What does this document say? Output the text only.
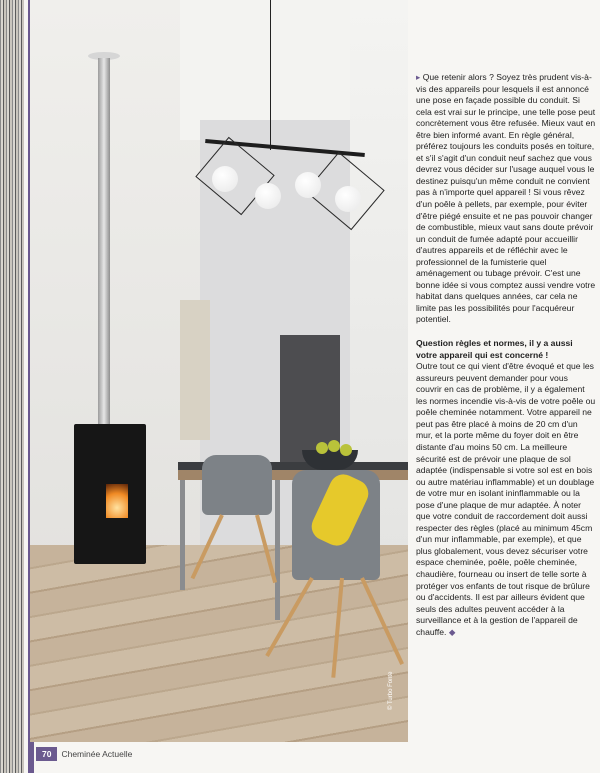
© Turbo Fonte

▸ Que retenir alors ? Soyez très prudent vis-à-vis des appareils pour lesquels il est annoncé une pose en façade possible du conduit. Si cela est vrai sur le principe, une telle pose peut concrètement vous être refusée. Mieux vaut en être bien informé avant. En règle général, préférez toujours les conduits posés en toiture, et s'il s'agit d'un conduit neuf sachez que vous devrez vous décider sur l'usage auquel vous le destinez puisqu'un même conduit ne convient pas à n'importe quel appareil ! Si vous rêvez d'un poêle à pellets, par exemple, pour éviter d'être piégé ensuite et ne pas pouvoir changer de combustible, mieux vaut sans doute prévoir un conduit de fumée adapté pour accueillir d'autres appareils et de réfléchir avec le professionnel de la fumisterie quel aménagement ou tubage prévoir. C'est une bonne idée si vous comptez aussi vendre votre habitat dans quelques années, car cela ne limite pas les possibilités pour l'acquéreur potentiel.

Question règles et normes, il y a aussi votre appareil qui est concerné !

Outre tout ce qui vient d'être évoqué et que les assureurs peuvent demander pour vous couvrir en cas de problème, il y a également les normes incendie vis-à-vis de votre poêle ou poêle cheminée notamment. Votre appareil ne peut pas être placé à moins de 20 cm d'un mur, et la porte même du foyer doit en être distante d'au moins 50 cm. La meilleure sécurité est de prévoir une plaque de sol adaptée (indispensable si votre sol est en bois ou autre matériau inflammable) et un doublage de votre mur en isolant ininflammable ou la pose d'une plaque de mur adaptée. À noter que votre conduit de raccordement doit aussi respecter des règles (placé au minimum 45cm d'un mur inflammable, par exemple), et que plus globalement, vous devez sécuriser votre espace cheminée, poêle, poêle cheminée, chaudière, fourneau ou insert de telle sorte à protéger vos enfants de tout risque de brûlure ou d'accidents. Il est par ailleurs évident que seuls des adultes peuvent accéder à la surveillance et à la gestion de l'appareil de chauffe. ◆

70 Cheminée Actuelle
